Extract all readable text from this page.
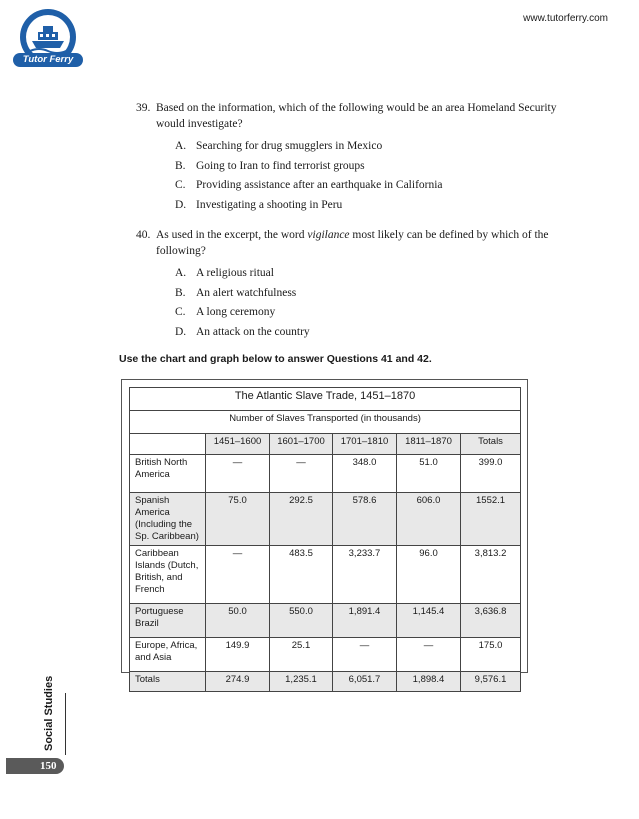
Tutor Ferry
www.tutorferry.com
39. Based on the information, which of the following would be an area Homeland Security would investigate?
A. Searching for drug smugglers in Mexico
B. Going to Iran to find terrorist groups
C. Providing assistance after an earthquake in California
D. Investigating a shooting in Peru
40. As used in the excerpt, the word vigilance most likely can be defined by which of the following?
A. A religious ritual
B. An alert watchfulness
C. A long ceremony
D. An attack on the country
Use the chart and graph below to answer Questions 41 and 42.
The Atlantic Slave Trade, 1451–1870					
Number of Slaves Transported (in thousands)					
	1451–1600	1601–1700	1701–1810	1811–1870	Totals
British North America	—	—	348.0	51.0	399.0
Spanish America (Including the Sp. Caribbean)	75.0	292.5	578.6	606.0	1552.1
Caribbean Islands (Dutch, British, and French	—	483.5	3,233.7	96.0	3,813.2
Portuguese Brazil	50.0	550.0	1,891.4	1,145.4	3,636.8
Europe, Africa, and Asia	149.9	25.1	—	—	175.0
Totals	274.9	1,235.1	6,051.7	1,898.4	9,576.1
Social Studies
150
